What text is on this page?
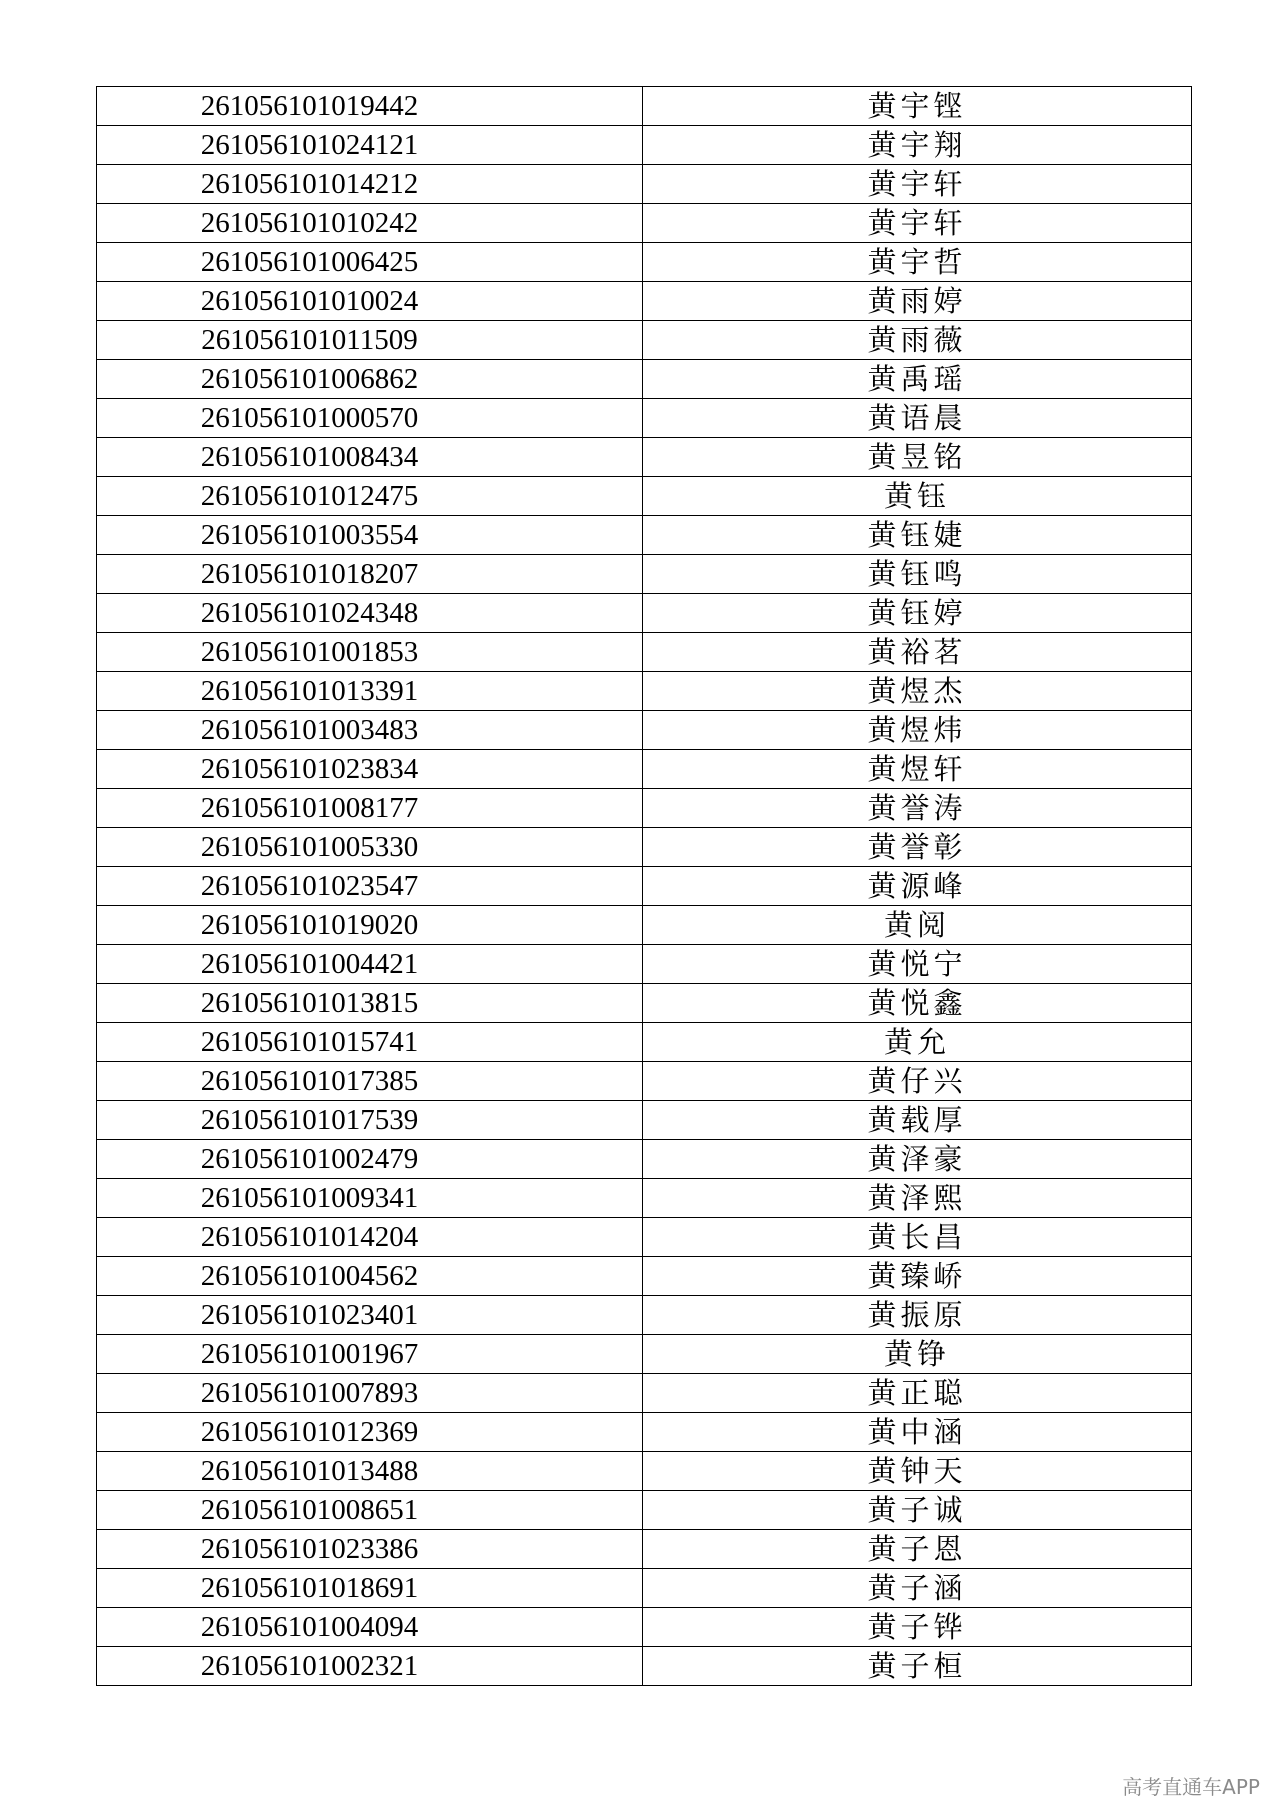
261056101019442	黄宇铿
261056101024121	黄宇翔
261056101014212	黄宇轩
261056101010242	黄宇轩
261056101006425	黄宇哲
261056101010024	黄雨婷
261056101011509	黄雨薇
261056101006862	黄禹瑶
261056101000570	黄语晨
261056101008434	黄昱铭
261056101012475	黄钰
261056101003554	黄钰婕
261056101018207	黄钰鸣
261056101024348	黄钰婷
261056101001853	黄裕茗
261056101013391	黄煜杰
261056101003483	黄煜炜
261056101023834	黄煜轩
261056101008177	黄誉涛
261056101005330	黄誉彰
261056101023547	黄源峰
261056101019020	黄阅
261056101004421	黄悦宁
261056101013815	黄悦鑫
261056101015741	黄允
261056101017385	黄仔兴
261056101017539	黄载厚
261056101002479	黄泽豪
261056101009341	黄泽熙
261056101014204	黄长昌
261056101004562	黄臻峤
261056101023401	黄振原
261056101001967	黄铮
261056101007893	黄正聪
261056101012369	黄中涵
261056101013488	黄钟天
261056101008651	黄子诚
261056101023386	黄子恩
261056101018691	黄子涵
261056101004094	黄子铧
261056101002321	黄子桓
高考直通车APP
